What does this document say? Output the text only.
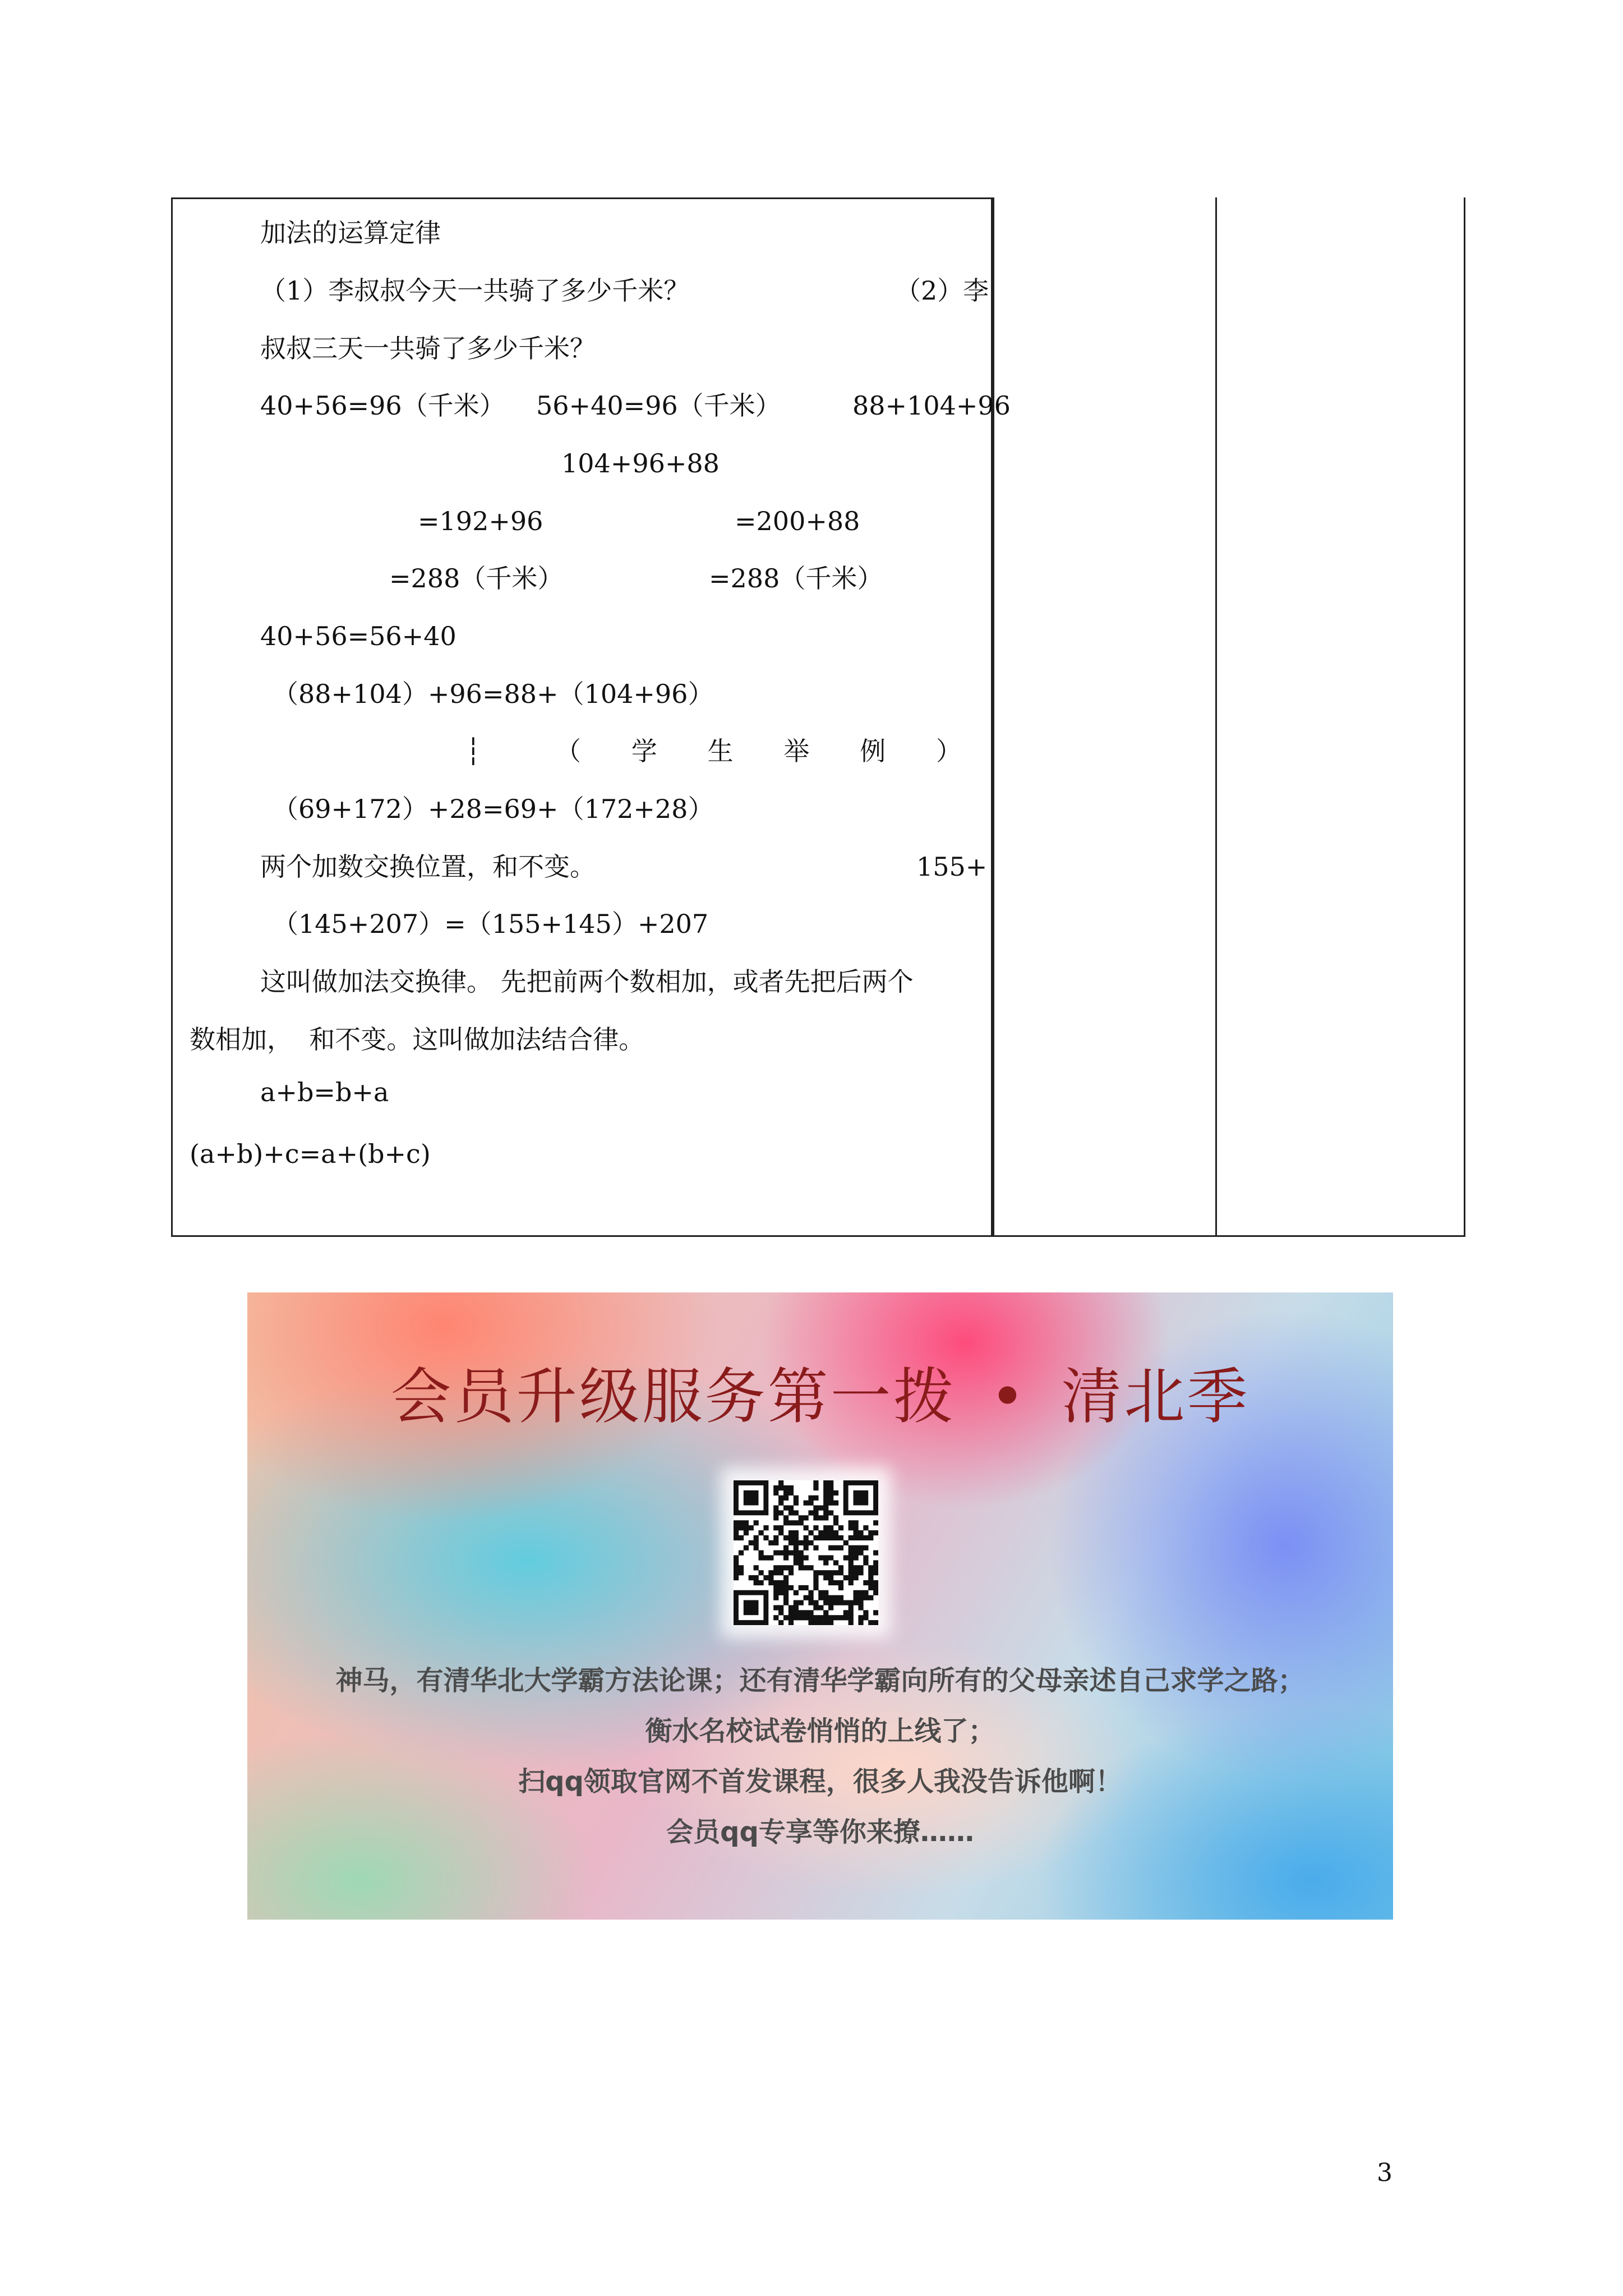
加法的运算定律
（1）李叔叔今天一共骑了多少千米？	（2）李
叔叔三天一共骑了多少千米？
40+56=96（千米） 56+40=96（千米）	88+104+96
104+96+88
=192+96	=200+88
=288（千米）	=288（千米）
40+56=56+40
（88+104）+96=88+（104+96）
┆	（ 学 生 举 例 ）
（69+172）+28=69+（172+28）
两个加数交换位置，和不变。	155+
（145+207）=（155+145）+207
这叫做加法交换律。 先把前两个数相加，或者先把后两个
数相加，  和不变。这叫做加法结合律。
a+b=b+a
(a+b)+c=a+(b+c)
会员升级服务第一拨 • 清北季
神马，有清华北大学霸方法论课；还有清华学霸向所有的父母亲述自己求学之路；
衡水名校试卷悄悄的上线了；
扫qq领取官网不首发课程，很多人我没告诉他啊！
会员qq专享等你来撩……
3
